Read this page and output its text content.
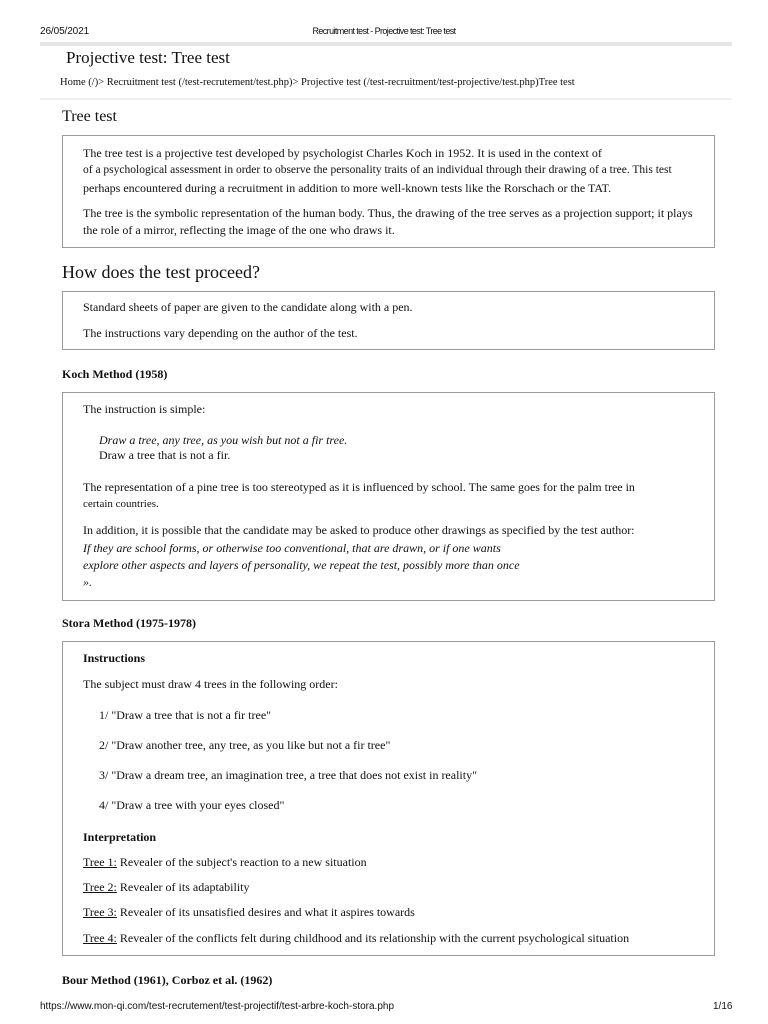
26/05/2021	Recruitment test - Projective test: Tree test
Projective test: Tree test
Home (/)> Recruitment test (/test-recrutement/test.php)> Projective test (/test-recruitment/test-projective/test.php)Tree test
Tree test
The tree test is a projective test developed by psychologist Charles Koch in 1952. It is used in the context of
of a psychological assessment in order to observe the personality traits of an individual through their drawing of a tree. This test
perhaps encountered during a recruitment in addition to more well-known tests like the Rorschach or the TAT.
The tree is the symbolic representation of the human body. Thus, the drawing of the tree serves as a projection support; it plays
the role of a mirror, reflecting the image of the one who draws it.
How does the test proceed?
Standard sheets of paper are given to the candidate along with a pen.
The instructions vary depending on the author of the test.
Koch Method (1958)
The instruction is simple:
Draw a tree, any tree, as you wish but not a fir tree.
Draw a tree that is not a fir.
The representation of a pine tree is too stereotyped as it is influenced by school. The same goes for the palm tree in
certain countries.
In addition, it is possible that the candidate may be asked to produce other drawings as specified by the test author:
If they are school forms, or otherwise too conventional, that are drawn, or if one wants
explore other aspects and layers of personality, we repeat the test, possibly more than once
».
Stora Method (1975-1978)
Instructions
The subject must draw 4 trees in the following order:
1/ "Draw a tree that is not a fir tree"
2/ "Draw another tree, any tree, as you like but not a fir tree"
3/ "Draw a dream tree, an imagination tree, a tree that does not exist in reality"
4/ "Draw a tree with your eyes closed"
Interpretation
Tree 1: Revealer of the subject's reaction to a new situation
Tree 2: Revealer of its adaptability
Tree 3: Revealer of its unsatisfied desires and what it aspires towards
Tree 4: Revealer of the conflicts felt during childhood and its relationship with the current psychological situation
Bour Method (1961), Corboz et al. (1962)
https://www.mon-qi.com/test-recrutement/test-projectif/test-arbre-koch-stora.php	1/16
